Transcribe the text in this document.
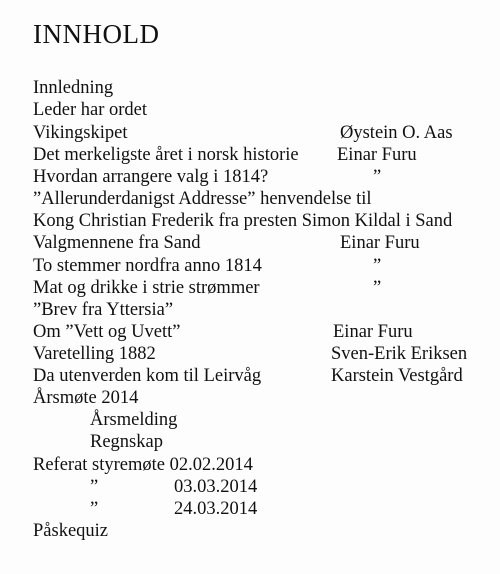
INNHOLD
Innledning
Leder har ordet
Vikingskipet	Øystein O. Aas
Det merkeligste året i norsk historie Einar Furu
Hvordan arrangere valg i 1814?	”
”Allerunderdanigst Addresse” henvendelse til
Kong Christian Frederik fra presten Simon Kildal i Sand
Valgmennene fra Sand	Einar Furu
To stemmer nordfra anno 1814	”
Mat og drikke i strie strømmer	”
”Brev fra Yttersia”
Om ”Vett og Uvett”	Einar Furu
Varetelling 1882	Sven-Erik Eriksen
Da utenverden kom til Leirvåg	Karstein Vestgård
Årsmøte 2014
Årsmelding
Regnskap
Referat styremøte 02.02.2014
”	03.03.2014
”	24.03.2014
Påskequiz
